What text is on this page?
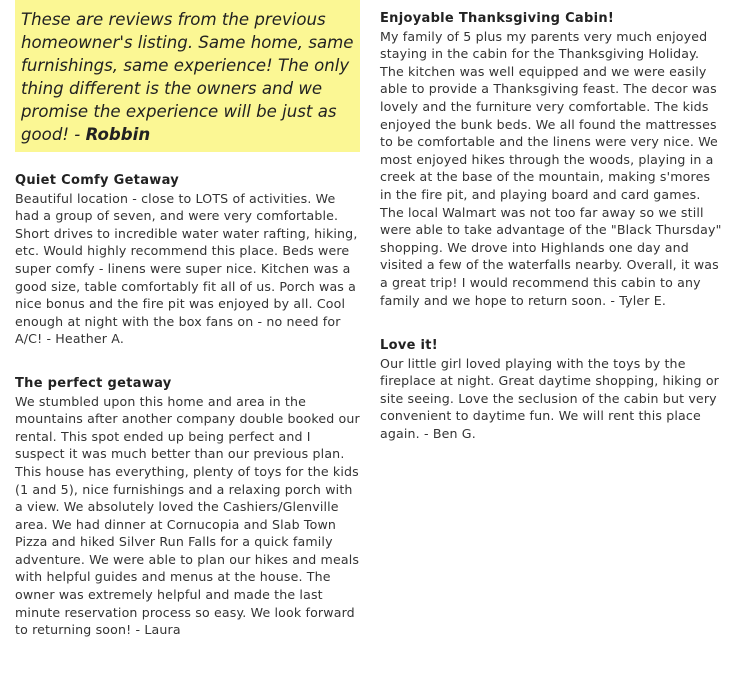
These are reviews from the previous homeowner's listing. Same home, same furnishings, same experience! The only thing different is the owners and we promise the experience will be just as good! - Robbin
Quiet Comfy Getaway

Beautiful location - close to LOTS of activities. We had a group of seven, and were very comfortable. Short drives to incredible water water rafting, hiking, etc. Would highly recommend this place. Beds were super comfy - linens were super nice. Kitchen was a good size, table comfortably fit all of us. Porch was a nice bonus and the fire pit was enjoyed by all. Cool enough at night with the box fans on - no need for A/C! - Heather A.

The perfect getaway

We stumbled upon this home and area in the mountains after another company double booked our rental. This spot ended up being perfect and I suspect it was much better than our previous plan. This house has everything, plenty of toys for the kids (1 and 5), nice furnishings and a relaxing porch with a view. We absolutely loved the Cashiers/Glenville area. We had dinner at Cornucopia and Slab Town Pizza and hiked Silver Run Falls for a quick family adventure. We were able to plan our hikes and meals with helpful guides and menus at the house. The owner was extremely helpful and made the last minute reservation process so easy. We look forward to returning soon! - Laura

Enjoyable Thanksgiving Cabin!

My family of 5 plus my parents very much enjoyed staying in the cabin for the Thanksgiving Holiday. The kitchen was well equipped and we were easily able to provide a Thanksgiving feast. The decor was lovely and the furniture very comfortable. The kids enjoyed the bunk beds. We all found the mattresses to be comfortable and the linens were very nice. We most enjoyed hikes through the woods, playing in a creek at the base of the mountain, making s'mores in the fire pit, and playing board and card games. The local Walmart was not too far away so we still were able to take advantage of the "Black Thursday" shopping. We drove into Highlands one day and visited a few of the waterfalls nearby. Overall, it was a great trip! I would recommend this cabin to any family and we hope to return soon. - Tyler E.

Love it!

Our little girl loved playing with the toys by the fireplace at night. Great daytime shopping, hiking or site seeing. Love the seclusion of the cabin but very convenient to daytime fun. We will rent this place again. - Ben G.
